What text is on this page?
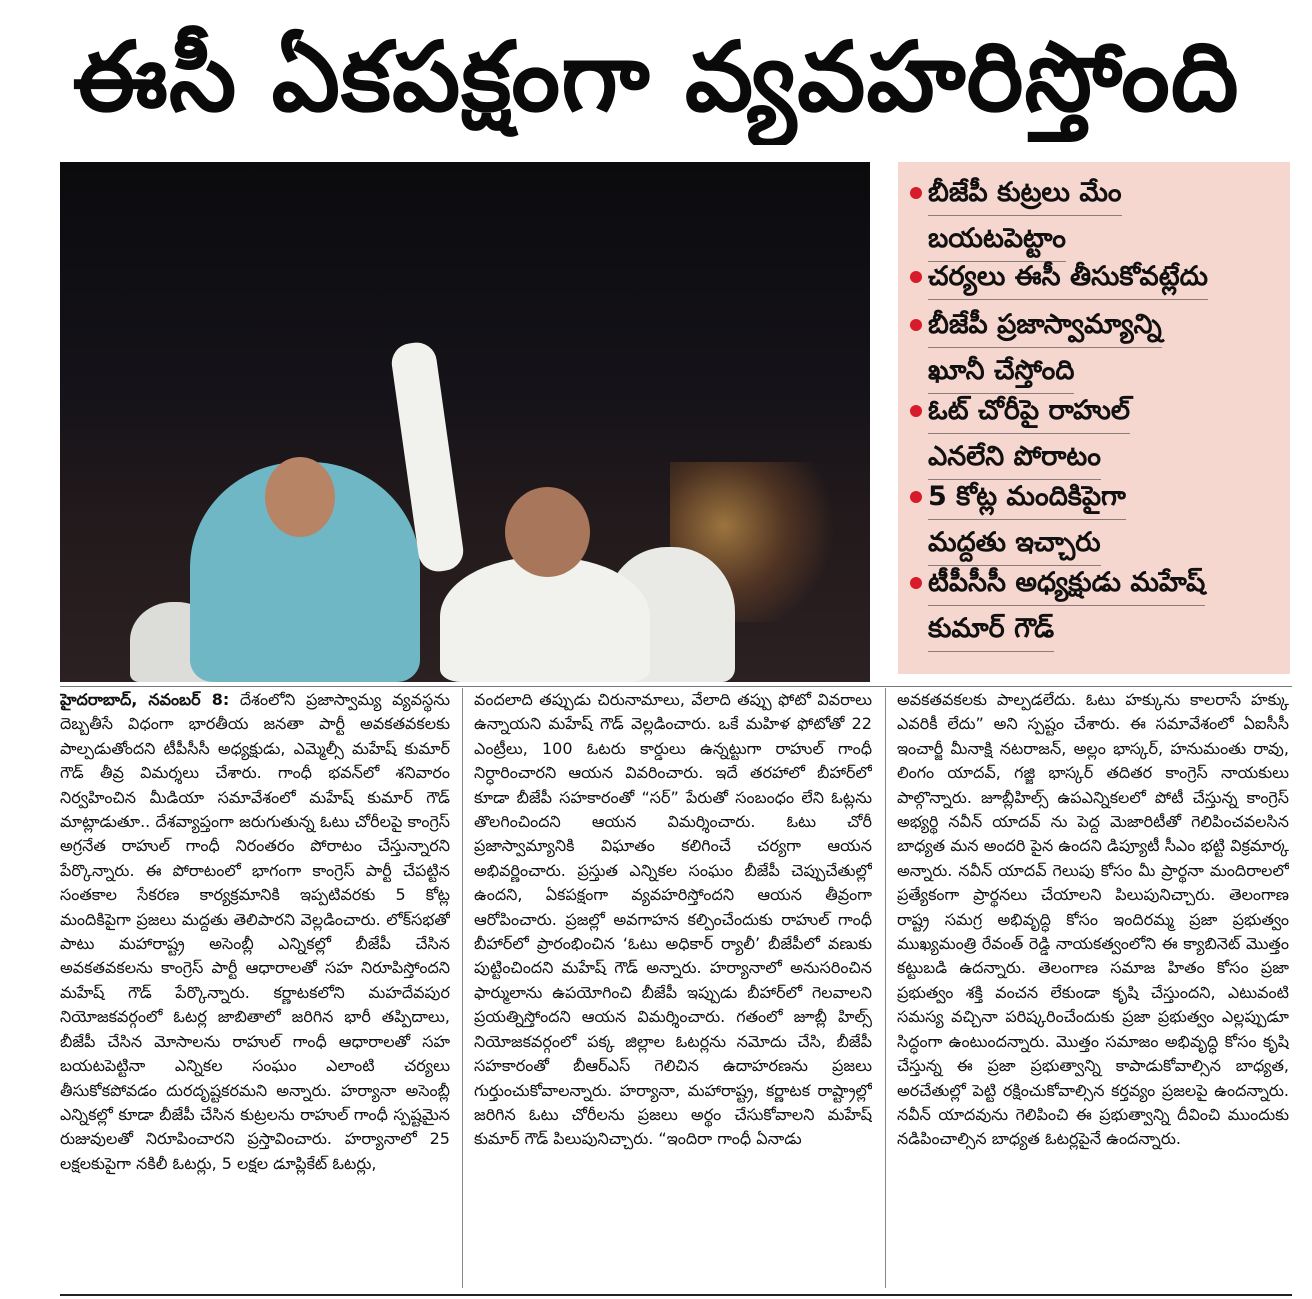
ఈసీ ఏకపక్షంగా వ్యవహరిస్తోంది
బీజేపీ కుట్రలు మేం
బయటపెట్టాం
చర్యలు ఈసీ తీసుకోవట్లేదు
బీజేపీ ప్రజాస్వామ్యాన్ని
ఖూనీ చేస్తోంది
ఓట్ చోరీపై రాహుల్
ఎనలేని పోరాటం
5 కోట్ల మందికిపైగా
మద్దతు ఇచ్చారు
టీపీసీసీ అధ్యక్షుడు మహేష్
కుమార్ గౌడ్
హైదరాబాద్, నవంబర్ 8: దేశంలోని ప్రజాస్వామ్య వ్యవస్థను దెబ్బతీసే విధంగా భారతీయ జనతా పార్టీ అవకతవకలకు పాల్పడుతోందని టీపీసీసీ అధ్యక్షుడు, ఎమ్మెల్సీ మహేష్ కుమార్ గౌడ్ తీవ్ర విమర్శలు చేశారు. గాంధీ భవన్‌లో శనివారం నిర్వహించిన మీడియా సమావేశంలో మహేష్ కుమార్ గౌడ్ మాట్లాడుతూ.. దేశవ్యాప్తంగా జరుగుతున్న ఓటు చోరీలపై కాంగ్రెస్ అగ్రనేత రాహుల్ గాంధీ నిరంతరం పోరాటం చేస్తున్నారని పేర్కొన్నారు. ఈ పోరాటంలో భాగంగా కాంగ్రెస్ పార్టీ చేపట్టిన సంతకాల సేకరణ కార్యక్రమానికి ఇప్పటివరకు 5 కోట్ల మందికిపైగా ప్రజలు మద్దతు తెలిపారని వెల్లడించారు. లోక్‌సభతో పాటు మహారాష్ట్ర అసెంబ్లీ ఎన్నికల్లో బీజేపీ చేసిన అవకతవకలను కాంగ్రెస్ పార్టీ ఆధారాలతో సహ నిరూపిస్తోందని మహేష్ గౌడ్ పేర్కొన్నారు. కర్ణాటకలోని మహదేవపుర నియోజకవర్గంలో ఓటర్ల జాబితాలో జరిగిన భారీ తప్పిదాలు, బీజేపీ చేసిన మోసాలను రాహుల్ గాంధీ ఆధారాలతో సహ బయటపెట్టినా ఎన్నికల సంఘం ఎలాంటి చర్యలు తీసుకోకపోవడం దురదృష్టకరమని అన్నారు. హర్యానా అసెంబ్లీ ఎన్నికల్లో కూడా బీజేపీ చేసిన కుట్రలను రాహుల్ గాంధీ స్పష్టమైన రుజువులతో నిరూపించారని ప్రస్తావించారు. హర్యానాలో 25 లక్షలకుపైగా నకిలీ ఓటర్లు, 5 లక్షల డూప్లికేట్ ఓటర్లు,
వందలాది తప్పుడు చిరునామాలు, వేలాది తప్పు ఫోటో వివరాలు ఉన్నాయని మహేష్ గౌడ్ వెల్లడించారు. ఒకే మహిళ ఫోటోతో 22 ఎంట్రీలు, 100 ఓటరు కార్డులు ఉన్నట్టుగా రాహుల్ గాంధీ నిర్ధారించారని ఆయన వివరించారు. ఇదే తరహాలో బీహార్‌లో కూడా బీజేపీ సహకారంతో “సర్” పేరుతో సంబంధం లేని ఓట్లను తొలగించిందని ఆయన విమర్శించారు. ఓటు చోరీ ప్రజాస్వామ్యానికి విఘాతం కలిగించే చర్యగా ఆయన అభివర్ణించారు. ప్రస్తుత ఎన్నికల సంఘం బీజేపీ చెప్పుచేతుల్లో ఉందని, ఏకపక్షంగా వ్యవహరిస్తోందని ఆయన తీవ్రంగా ఆరోపించారు. ప్రజల్లో అవగాహన కల్పించేందుకు రాహుల్ గాంధీ బీహార్‌లో ప్రారంభించిన ‘ఓటు అధికార్ ర్యాలీ’ బీజేపీలో వణుకు పుట్టించిందని మహేష్ గౌడ్ అన్నారు. హర్యానాలో అనుసరించిన ఫార్ములాను ఉపయోగించి బీజేపీ ఇప్పుడు బీహార్‌లో గెలవాలని ప్రయత్నిస్తోందని ఆయన విమర్శించారు. గతంలో జూబ్లీ హిల్స్ నియోజకవర్గంలో పక్క జిల్లాల ఓటర్లను నమోదు చేసి, బీజేపీ సహకారంతో బీఆర్ఎస్ గెలిచిన ఉదాహరణను ప్రజలు గుర్తుంచుకోవాలన్నారు. హర్యానా, మహారాష్ట్ర, కర్ణాటక రాష్ట్రాల్లో జరిగిన ఓటు చోరీలను ప్రజలు అర్థం చేసుకోవాలని మహేష్ కుమార్ గౌడ్ పిలుపునిచ్చారు. “ఇందిరా గాంధీ ఏనాడు
అవకతవకలకు పాల్పడలేదు. ఓటు హక్కును కాలరాసే హక్కు ఎవరికీ లేదు” అని స్పష్టం చేశారు. ఈ సమావేశంలో ఏఐసీసీ ఇంచార్జీ మీనాక్షి నటరాజన్, అల్లం భాస్కర్, హనుమంతు రావు, లింగం యాదవ్, గజ్జి భాస్కర్ తదితర కాంగ్రెస్ నాయకులు పాల్గొన్నారు. జూబ్లీహిల్స్ ఉపఎన్నికలలో పోటీ చేస్తున్న కాంగ్రెస్ అభ్యర్థి నవీన్ యాదవ్ ను పెద్ద మెజారిటీతో గెలిపించవలసిన బాధ్యత మన అందరి పైన ఉందని డిప్యూటీ సీఎం భట్టి విక్రమార్క అన్నారు. నవీన్ యాదవ్ గెలుపు కోసం మీ ప్రార్థనా మందిరాలలో ప్రత్యేకంగా ప్రార్థనలు చేయాలని పిలుపునిచ్చారు. తెలంగాణ రాష్ట్ర సమగ్ర అభివృద్ధి కోసం ఇందిరమ్మ ప్రజా ప్రభుత్వం ముఖ్యమంత్రి రేవంత్ రెడ్డి నాయకత్వంలోని ఈ క్యాబినెట్ మొత్తం కట్టుబడి ఉదన్నారు. తెలంగాణ సమాజ హితం కోసం ప్రజా ప్రభుత్వం శక్తి వంచన లేకుండా కృషి చేస్తుందని, ఎటువంటి సమస్య వచ్చినా పరిష్కరించేందుకు ప్రజా ప్రభుత్వం ఎల్లప్పుడూ సిద్ధంగా ఉంటుందన్నారు. మొత్తం సమాజం అభివృద్ధి కోసం కృషి చేస్తున్న ఈ ప్రజా ప్రభుత్వాన్ని కాపాడుకోవాల్సిన బాధ్యత, అరచేతుల్లో పెట్టి రక్షించుకోవాల్సిన కర్తవ్యం ప్రజలపై ఉందన్నారు. నవీన్ యాదవును గెలిపించి ఈ ప్రభుత్వాన్ని దీవించి ముందుకు నడిపించాల్సిన బాధ్యత ఓటర్లపైనే ఉందన్నారు.
